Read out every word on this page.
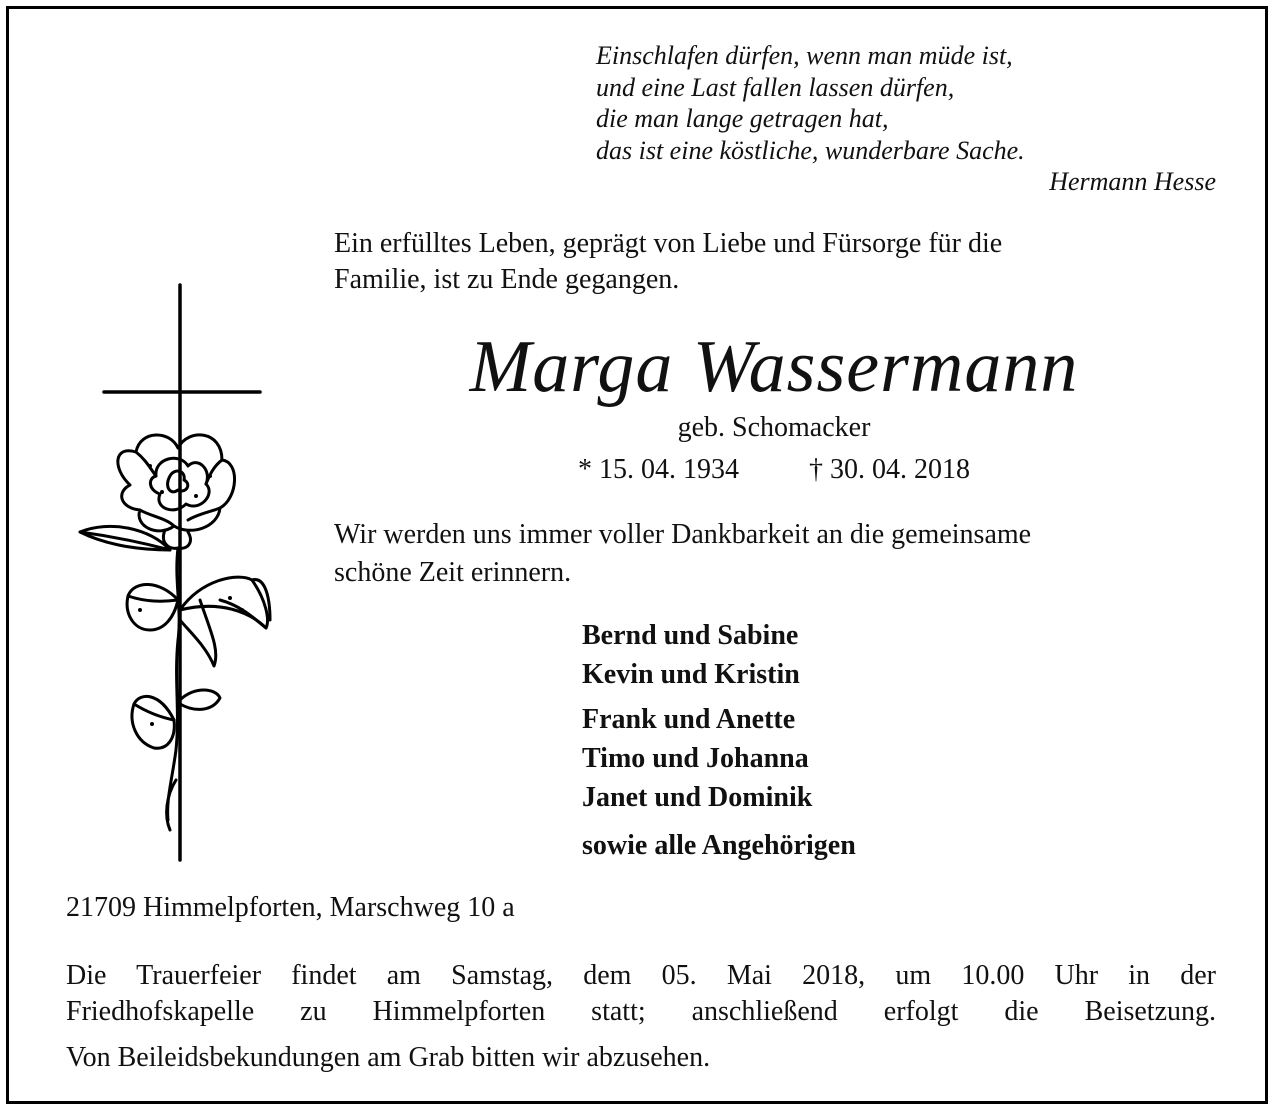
Einschlafen dürfen, wenn man müde ist,
und eine Last fallen lassen dürfen,
die man lange getragen hat,
das ist eine köstliche, wunderbare Sache.
Hermann Hesse
Ein erfülltes Leben, geprägt von Liebe und Fürsorge für die
Familie, ist zu Ende gegangen.
Marga Wassermann
geb. Schomacker
* 15. 04. 1934	† 30. 04. 2018
Wir werden uns immer voller Dankbarkeit an die gemeinsame
schöne Zeit erinnern.
Bernd und Sabine
Kevin und Kristin
Frank und Anette
Timo und Johanna
Janet und Dominik
sowie alle Angehörigen
21709 Himmelpforten, Marschweg 10 a
Die Trauerfeier findet am Samstag, dem 05. Mai 2018, um 10.00 Uhr in der
Friedhofskapelle zu Himmelpforten statt; anschließend erfolgt die Beisetzung.
Von Beileidsbekundungen am Grab bitten wir abzusehen.
